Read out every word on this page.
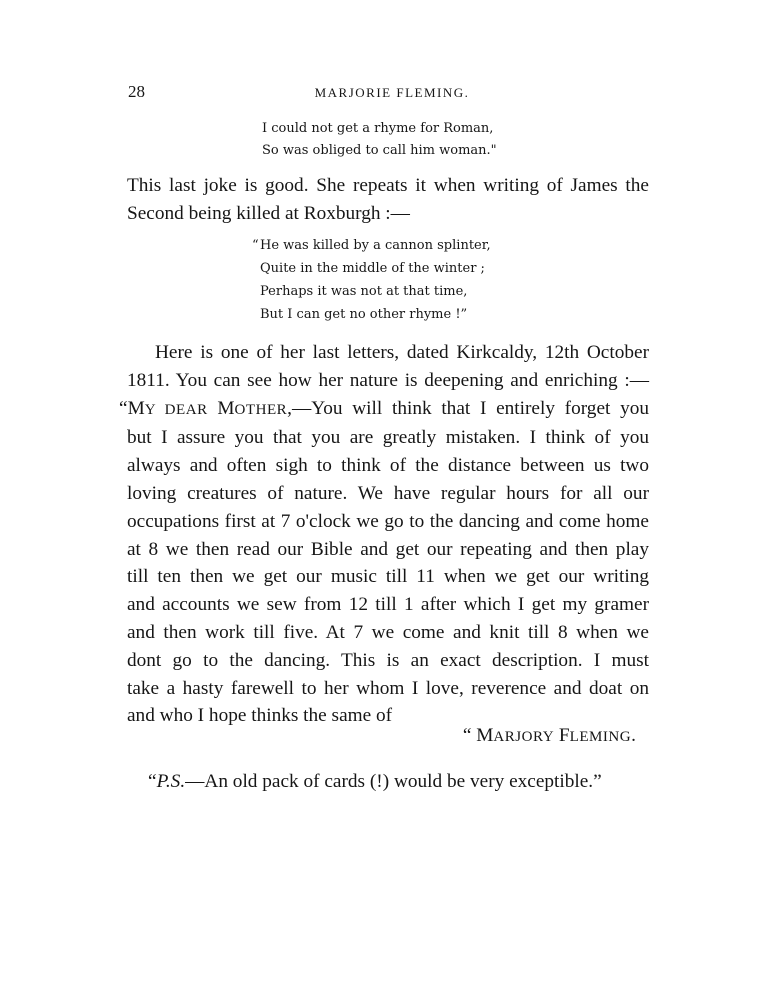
28	MARJORIE FLEMING.
I could not get a rhyme for Roman,
So was obliged to call him woman."
This last joke is good. She repeats it when writing of James the
Second being killed at Roxburgh :—
“ He was killed by a cannon splinter,
Quite in the middle of the winter ;
Perhaps it was not at that time,
But I can get no other rhyme !”
Here is one of her last letters, dated Kirkcaldy, 12th October
1811. You can see how her nature is deepening and enriching :—
“MY DEAR MOTHER,—You will think that I entirely forget you
but I assure you that you are greatly mistaken. I think of you
always and often sigh to think of the distance between us two
loving creatures of nature. We have regular hours for all our
occupations first at 7 o'clock we go to the dancing and come home
at 8 we then read our Bible and get our repeating and then play
till ten then we get our music till 11 when we get our writing
and accounts we sew from 12 till 1 after which I get my gramer
and then work till five. At 7 we come and knit till 8 when we
dont go to the dancing. This is an exact description. I must
take a hasty farewell to her whom I love, reverence and doat on
and who I hope thinks the same of
“ MARJORY FLEMING.
“P.S.—An old pack of cards (!) would be very exceptible.”
